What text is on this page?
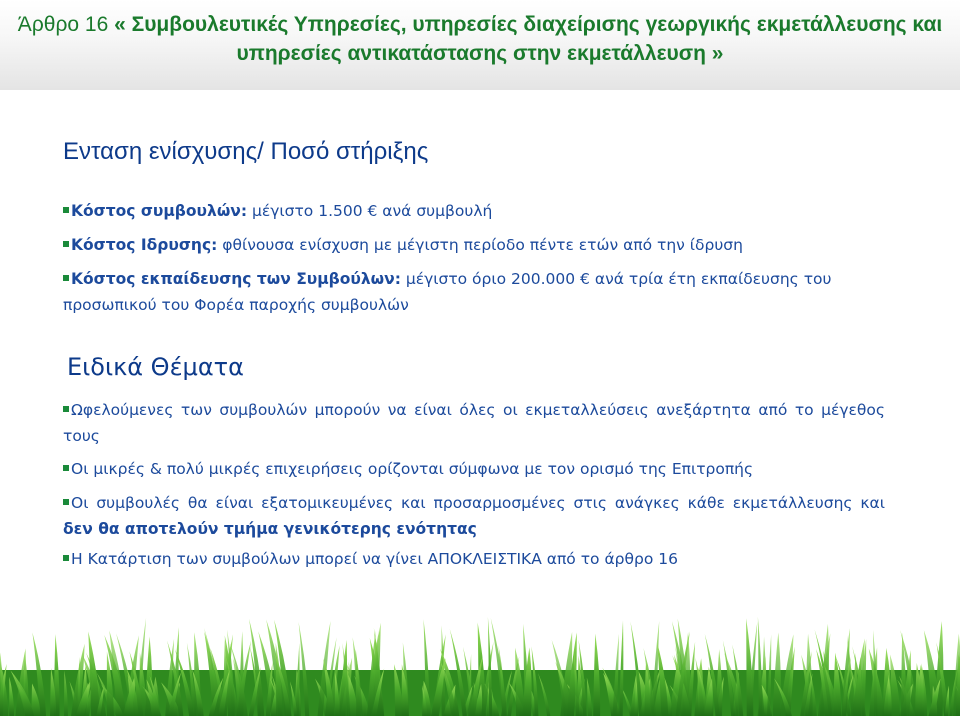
Άρθρο 16 « Συμβουλευτικές Υπηρεσίες, υπηρεσίες διαχείρισης γεωργικής εκμετάλλευσης και υπηρεσίες αντικατάστασης στην εκμετάλλευση »
Ενταση ενίσχυσης/ Ποσό στήριξης
Κόστος συμβουλών: μέγιστο 1.500 € ανά συμβουλή
Κόστος Ιδρυσης: φθίνουσα ενίσχυση με μέγιστη περίοδο πέντε ετών από την ίδρυση
Κόστος εκπαίδευσης των Συμβούλων: μέγιστο όριο 200.000 € ανά τρία έτη εκπαίδευσης του προσωπικού του Φορέα παροχής συμβουλών
Ειδικά Θέματα
Ωφελούμενες των συμβουλών μπορούν να είναι όλες οι εκμεταλλεύσεις ανεξάρτητα από το μέγεθος τους
Οι μικρές & πολύ μικρές επιχειρήσεις ορίζονται σύμφωνα με τον ορισμό της Επιτροπής
Οι συμβουλές θα είναι εξατομικευμένες και προσαρμοσμένες στις ανάγκες κάθε εκμετάλλευσης και δεν θα αποτελούν τμήμα γενικότερης ενότητας
Η Κατάρτιση των συμβούλων μπορεί να γίνει ΑΠΟΚΛΕΙΣΤΙΚΑ από το άρθρο 16
